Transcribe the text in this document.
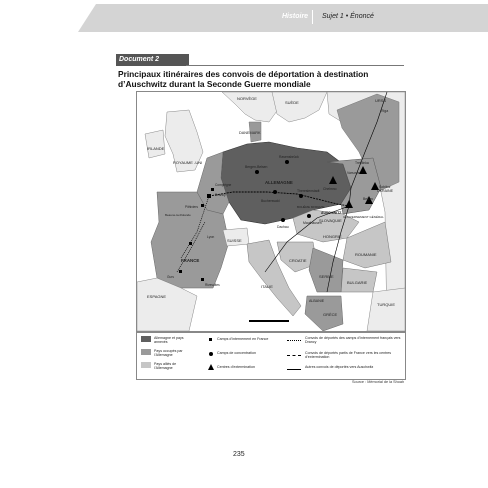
Histoire Sujet 1 • Énoncé
Document 2
Principaux itinéraires des convois de déportation à destination d’Auschwitz durant la Seconde Guerre mondiale
NORVÈGE
SUÈDE	URSS
Riga
IRLANDE
ROYAUME -UNI
DANEMARK
ALLEMAGNE
FRANCE
SUISSE
ESPAGNE
SLOVAQUIE
HONGRIE
CROATIE
SERBIE
ROUMANIE
BULGARIE
ITALIE
ALBANIE
GRÈCE
TURQUIE
UKRAINE
AUSCHWITZ
Sobibor
Treblinka
Chelmno
Varsovie
Ravensbrück
Bergen-Belsen
Buchenwald
Dachau
Mauthausen
Theresienstadt
Belzec
BOHÊME MORAVIE
GOUVERNEMENT GÉNÉRAL
Drancy
Compiègne
Pithiviers
Beaune-la-Rolande
Gurs
Rivesaltes
Lyon
Allemagne et pays annexés
Pays occupés par l’Allemagne
Pays alliés de l’Allemagne
Camps d’internement en France
Camps de concentration
Centres d’extermination
Convois de déportés des camps d’internement français vers Drancy
Convois de déportés partis de France vers les centres d’extermination
Autres convois de déportés vers Auschwitz
Source : Mémorial de la Shoah
235
